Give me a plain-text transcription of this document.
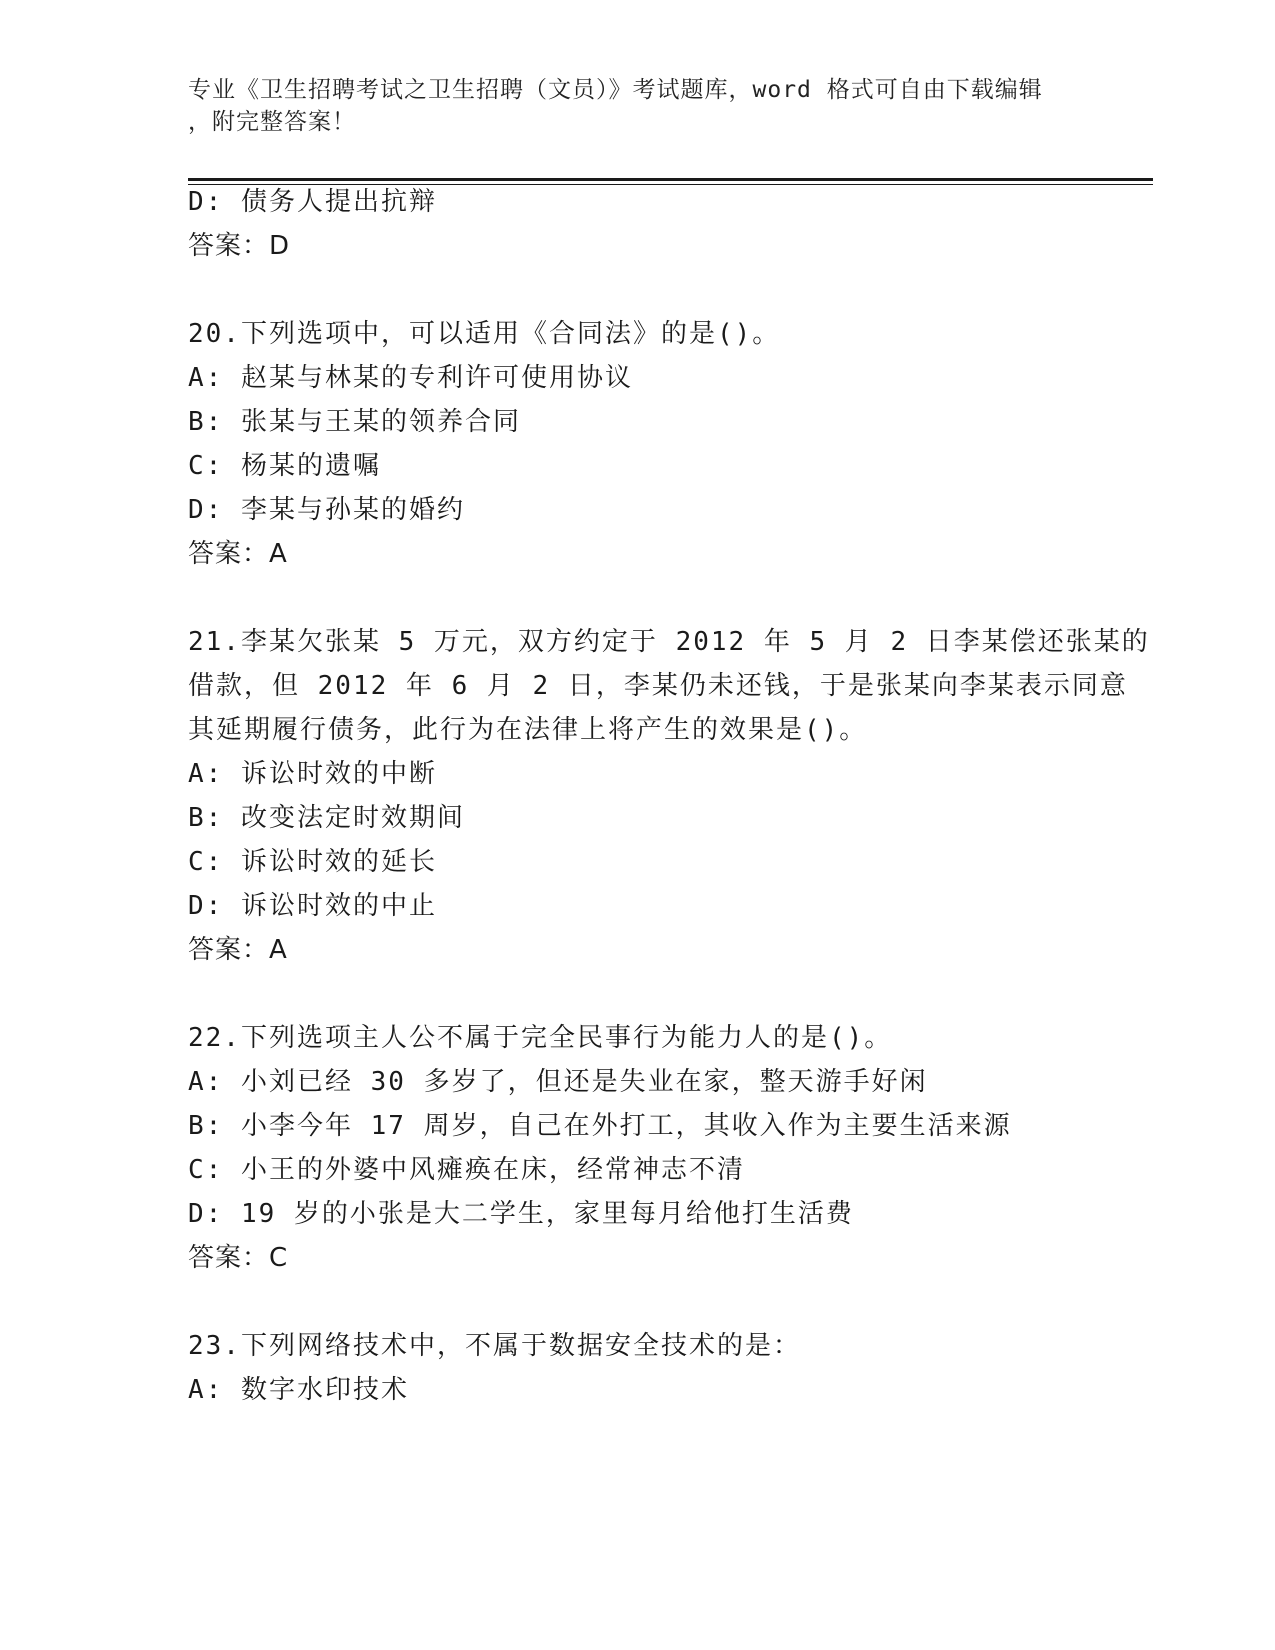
专业《卫生招聘考试之卫生招聘（文员）》考试题库，word 格式可自由下载编辑
，附完整答案！
D: 债务人提出抗辩
答案：D
20.下列选项中，可以适用《合同法》的是()。
A: 赵某与林某的专利许可使用协议
B: 张某与王某的领养合同
C: 杨某的遗嘱
D: 李某与孙某的婚约
答案：A
21.李某欠张某 5 万元，双方约定于 2012 年 5 月 2 日李某偿还张某的
借款，但 2012 年 6 月 2 日，李某仍未还钱，于是张某向李某表示同意
其延期履行债务，此行为在法律上将产生的效果是()。
A: 诉讼时效的中断
B: 改变法定时效期间
C: 诉讼时效的延长
D: 诉讼时效的中止
答案：A
22.下列选项主人公不属于完全民事行为能力人的是()。
A: 小刘已经 30 多岁了，但还是失业在家，整天游手好闲
B: 小李今年 17 周岁，自己在外打工，其收入作为主要生活来源
C: 小王的外婆中风瘫痪在床，经常神志不清
D: 19 岁的小张是大二学生，家里每月给他打生活费
答案：C
23.下列网络技术中，不属于数据安全技术的是：
A: 数字水印技术
